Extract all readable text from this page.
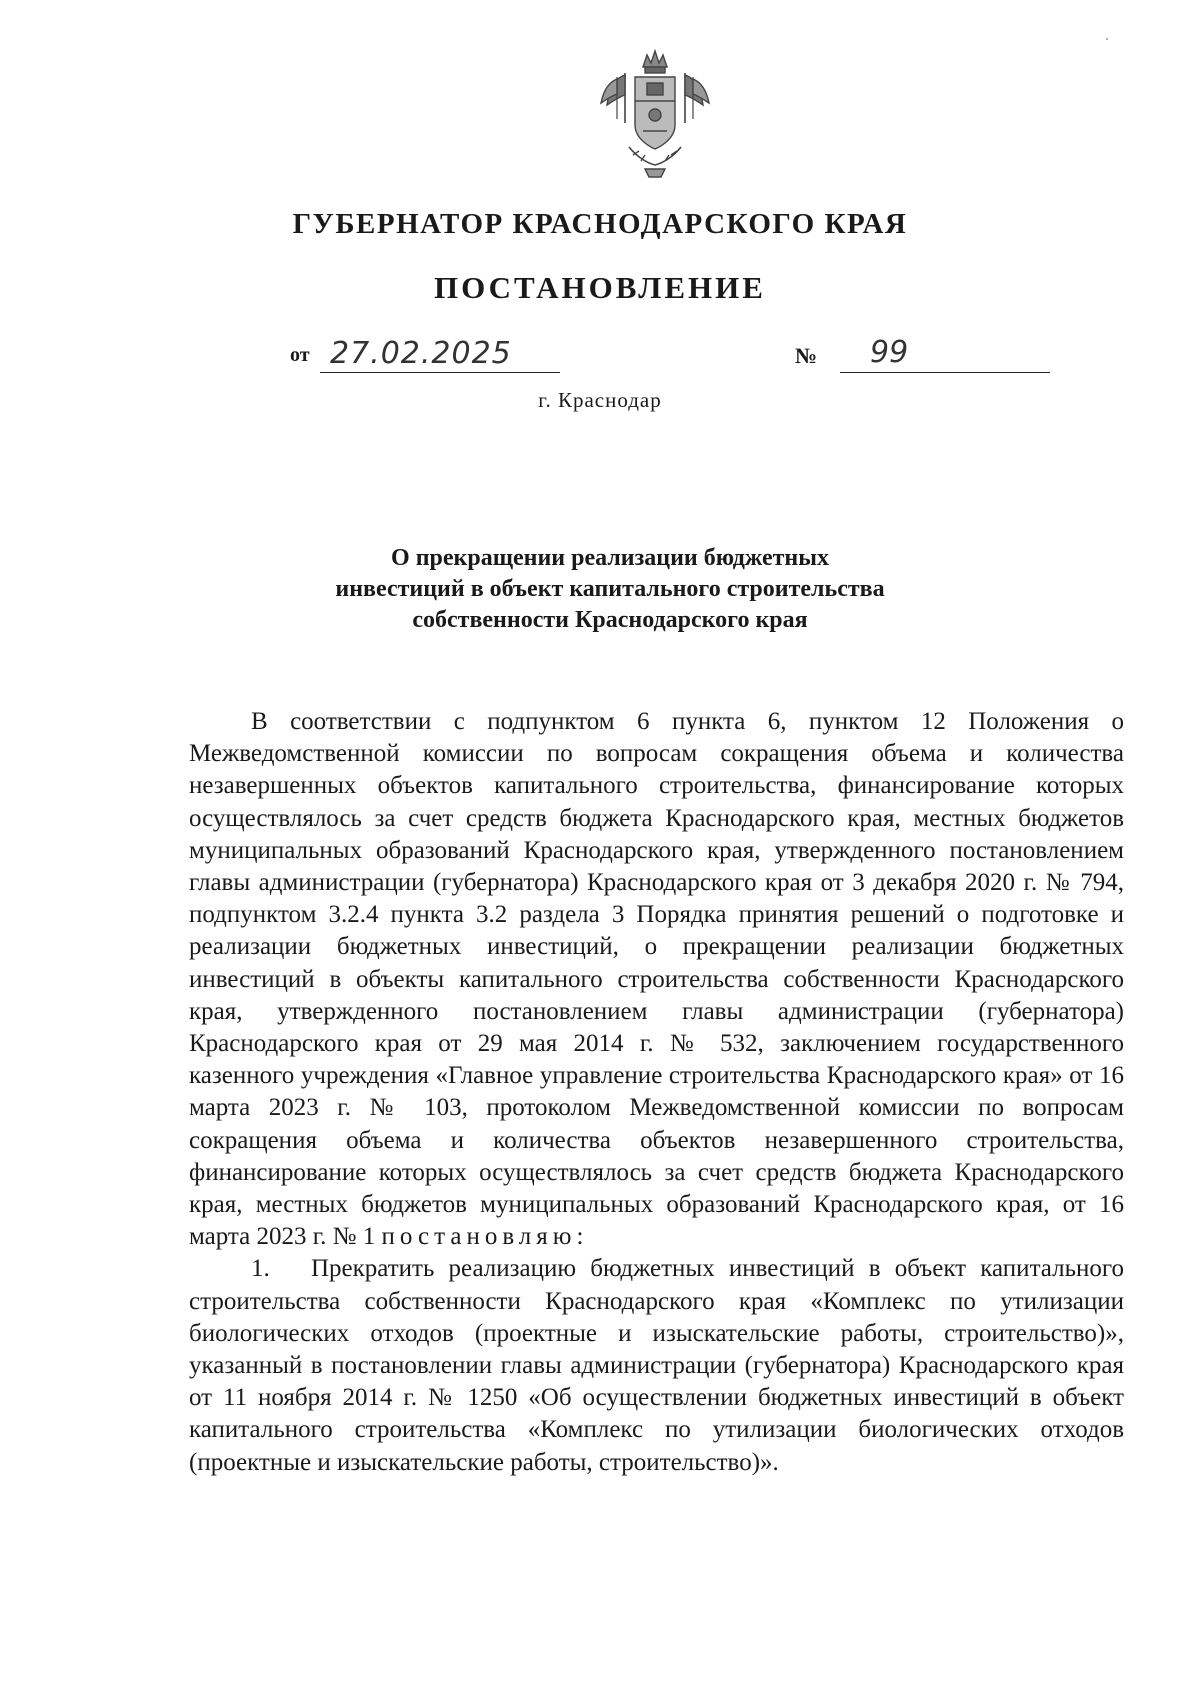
ГУБЕРНАТОР КРАСНОДАРСКОГО КРАЯ
ПОСТАНОВЛЕНИЕ
от 27.02.2025	№ 99
г. Краснодар
О прекращении реализации бюджетных
инвестиций в объект капитального строительства
собственности Краснодарского края

В соответствии с подпунктом 6 пункта 6, пунктом 12 Положения о Межведомственной комиссии по вопросам сокращения объема и количества незавершенных объектов капитального строительства, финансирование которых осуществлялось за счет средств бюджета Краснодарского края, местных бюджетов муниципальных образований Краснодарского края, утвержденного постановлением главы администрации (губернатора) Краснодарского края от 3 декабря 2020 г. № 794, подпунктом 3.2.4 пункта 3.2 раздела 3 Порядка принятия решений о подготовке и реализации бюджетных инвестиций, о прекращении реализации бюджетных инвестиций в объекты капитального строительства собственности Краснодарского края, утвержденного постановлением главы администрации (губернатора) Краснодарского края от 29 мая 2014 г. № 532, заключением государственного казенного учреждения «Главное управление строительства Краснодарского края» от 16 марта 2023 г. № 103, протоколом Межведомственной комиссии по вопросам сокращения объема и количества объектов незавершенного строительства, финансирование которых осуществлялось за счет средств бюджета Краснодарского края, местных бюджетов муниципальных образований Краснодарского края, от 16 марта 2023 г. № 1 постановляю:

1. Прекратить реализацию бюджетных инвестиций в объект капитального строительства собственности Краснодарского края «Комплекс по утилизации биологических отходов (проектные и изыскательские работы, строительство)», указанный в постановлении главы администрации (губернатора) Краснодарского края от 11 ноября 2014 г. № 1250 «Об осуществлении бюджетных инвестиций в объект капитального строительства «Комплекс по утилизации биологических отходов (проектные и изыскательские работы, строительство)».
